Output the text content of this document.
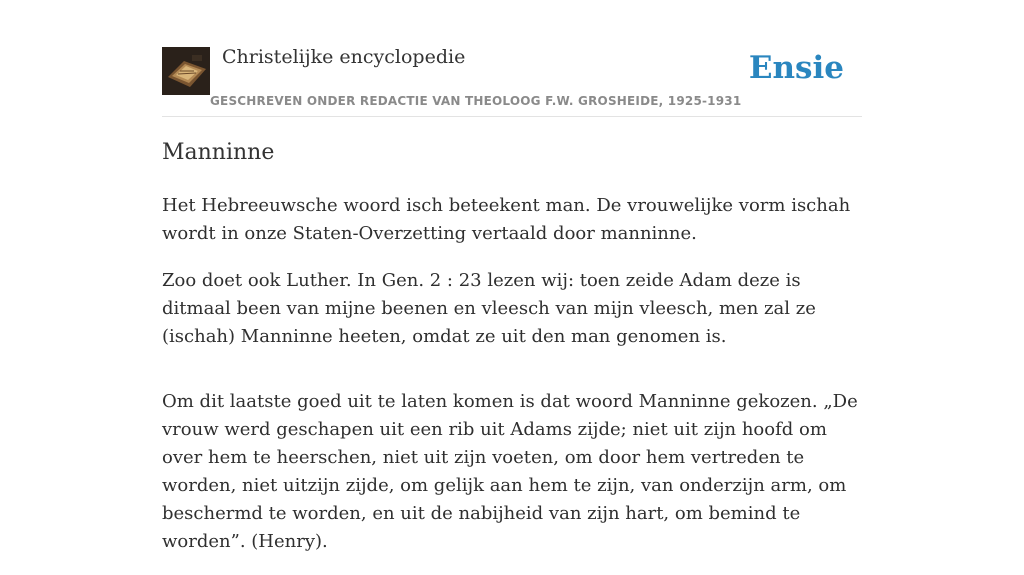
Christelijke encyclopedie
GESCHREVEN ONDER REDACTIE VAN THEOLOOG F.W. GROSHEIDE, 1925-1931
Ensie
Manninne

Het Hebreeuwsche woord isch beteekent man. De vrouwelijke vorm ischah wordt in onze Staten-Overzetting vertaald door manninne.

Zoo doet ook Luther. In Gen. 2 : 23 lezen wij: toen zeide Adam deze is ditmaal been van mijne beenen en vleesch van mijn vleesch, men zal ze (ischah) Manninne heeten, omdat ze uit den man genomen is.

Om dit laatste goed uit te laten komen is dat woord Manninne gekozen. „De vrouw werd geschapen uit een rib uit Adams zijde; niet uit zijn hoofd om over hem te heerschen, niet uit zijn voeten, om door hem vertreden te worden, niet uitzijn zijde, om gelijk aan hem te zijn, van onderzijn arm, om beschermd te worden, en uit de nabijheid van zijn hart, om bemind te worden”. (Henry).
